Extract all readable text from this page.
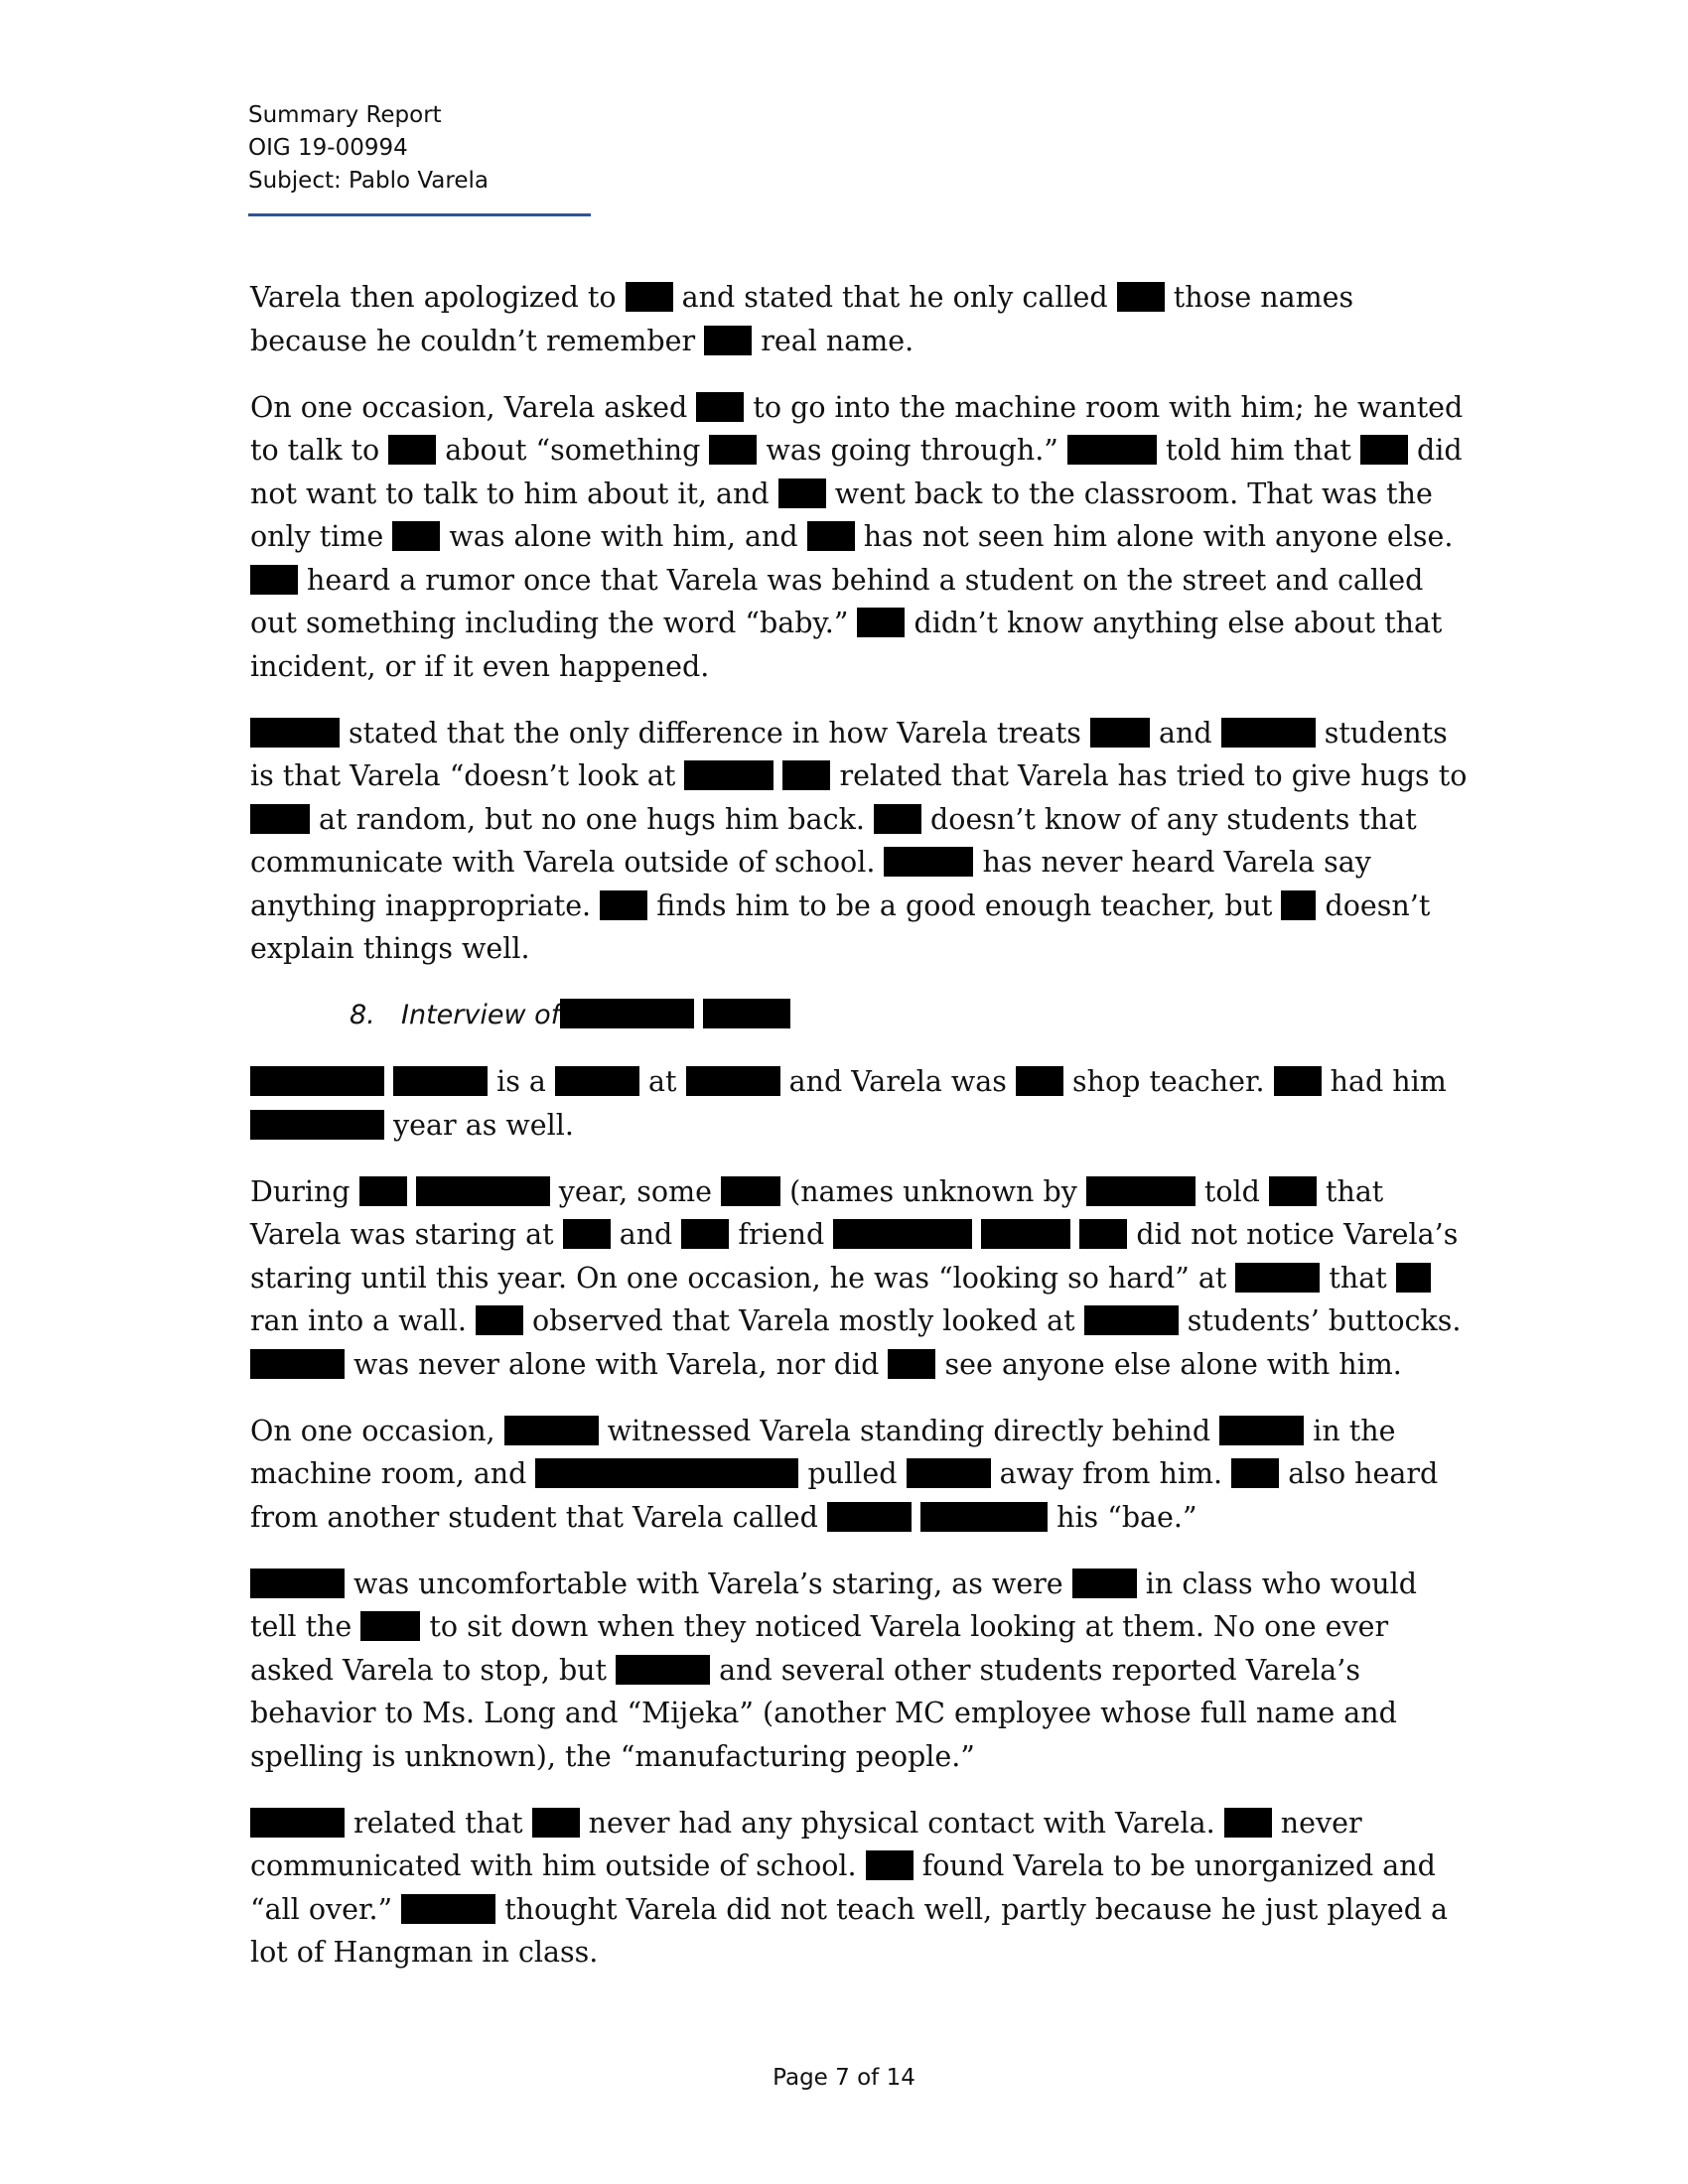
Summary Report
OIG 19-00994
Subject: Pablo Varela
Varela then apologized to  and stated that he only called  those names
because he couldn’t remember  real name.
On one occasion, Varela asked  to go into the machine room with him; he wanted
to talk to  about “something  was going through.”	told him that  did
not want to talk to him about it, and  went back to the classroom. That was the
only time  was alone with him, and  has not seen him alone with anyone else.
heard a rumor once that Varela was behind a student on the street and called
out something including the word “baby.”  didn’t know anything else about that
incident, or if it even happened.
stated that the only difference in how Varela treats  and	students
is that Varela “doesn’t look at	related that Varela has tried to give hugs to
at random, but no one hugs him back.  doesn’t know of any students that
communicate with Varela outside of school.	has never heard Varela say
anything inappropriate.  finds him to be a good enough teacher, but  doesn’t
explain things well.
8. Interview of
is a	at	and Varela was  shop teacher.  had him
year as well.
During	year, some  (names unknown by	told  that
Varela was staring at  and  friend	did not notice Varela’s
staring until this year. On one occasion, he was “looking so hard” at	that
ran into a wall.  observed that Varela mostly looked at	students’ buttocks.
was never alone with Varela, nor did  see anyone else alone with him.
On one occasion,	witnessed Varela standing directly behind	in the
machine room, and	pulled	away from him.  also heard
from another student that Varela called	his “bae.”
was uncomfortable with Varela’s staring, as were  in class who would
tell the  to sit down when they noticed Varela looking at them. No one ever
asked Varela to stop, but	and several other students reported Varela’s
behavior to Ms. Long and “Mijeka” (another MC employee whose full name and
spelling is unknown), the “manufacturing people.”
related that  never had any physical contact with Varela.  never
communicated with him outside of school.  found Varela to be unorganized and
“all over.”	thought Varela did not teach well, partly because he just played a
lot of Hangman in class.
Page 7 of 14
